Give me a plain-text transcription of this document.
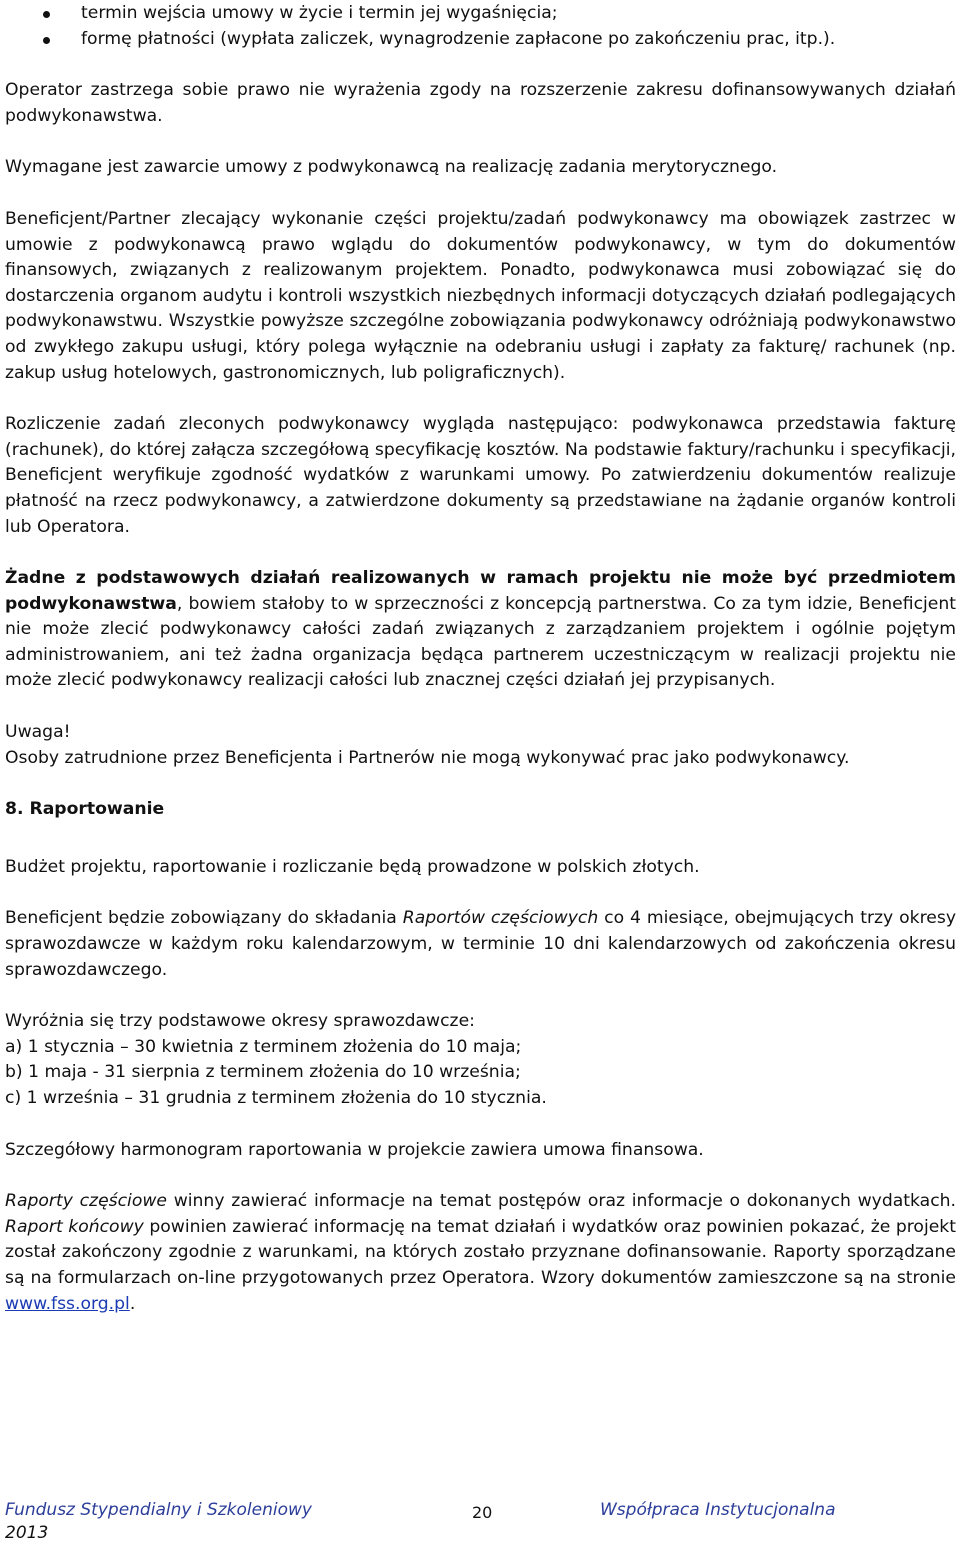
termin wejścia umowy w życie i termin jej wygaśnięcia;
formę płatności (wypłata zaliczek, wynagrodzenie zapłacone po zakończeniu prac, itp.).

Operator zastrzega sobie prawo nie wyrażenia zgody na rozszerzenie zakresu dofinansowywanych działań podwykonawstwa.

Wymagane jest zawarcie umowy z podwykonawcą na realizację zadania merytorycznego.

Beneficjent/Partner zlecający wykonanie części projektu/zadań podwykonawcy ma obowiązek zastrzec w umowie z podwykonawcą prawo wglądu do dokumentów podwykonawcy, w tym do dokumentów finansowych, związanych z realizowanym projektem. Ponadto, podwykonawca musi zobowiązać się do dostarczenia organom audytu i kontroli wszystkich niezbędnych informacji dotyczących działań podlegających podwykonawstwu. Wszystkie powyższe szczególne zobowiązania podwykonawcy odróżniają podwykonawstwo od zwykłego zakupu usługi, który polega wyłącznie na odebraniu usługi i zapłaty za fakturę/ rachunek (np. zakup usług hotelowych, gastronomicznych, lub poligraficznych).

Rozliczenie zadań zleconych podwykonawcy wygląda następująco: podwykonawca przedstawia fakturę (rachunek), do której załącza szczegółową specyfikację kosztów. Na podstawie faktury/rachunku i specyfikacji, Beneficjent weryfikuje zgodność wydatków z warunkami umowy. Po zatwierdzeniu dokumentów realizuje płatność na rzecz podwykonawcy, a zatwierdzone dokumenty są przedstawiane na żądanie organów kontroli lub Operatora.

Żadne z podstawowych działań realizowanych w ramach projektu nie może być przedmiotem podwykonawstwa, bowiem stałoby to w sprzeczności z koncepcją partnerstwa. Co za tym idzie, Beneficjent nie może zlecić podwykonawcy całości zadań związanych z zarządzaniem projektem i ogólnie pojętym administrowaniem, ani też żadna organizacja będąca partnerem uczestniczącym w realizacji projektu nie może zlecić podwykonawcy realizacji całości lub znacznej części działań jej przypisanych.

Uwaga!

Osoby zatrudnione przez Beneficjenta i Partnerów nie mogą wykonywać prac jako podwykonawcy.

8. Raportowanie

Budżet projektu, raportowanie i rozliczanie będą prowadzone w polskich złotych.

Beneficjent będzie zobowiązany do składania Raportów częściowych co 4 miesiące, obejmujących trzy okresy sprawozdawcze w każdym roku kalendarzowym, w terminie 10 dni kalendarzowych od zakończenia okresu sprawozdawczego.

Wyróżnia się trzy podstawowe okresy sprawozdawcze:

a) 1 stycznia – 30 kwietnia z terminem złożenia do 10 maja;

b) 1 maja - 31 sierpnia z terminem złożenia do 10 września;

c) 1 września – 31 grudnia z terminem złożenia do 10 stycznia.

Szczegółowy harmonogram raportowania w projekcie zawiera umowa finansowa.

Raporty częściowe winny zawierać informacje na temat postępów oraz informacje o dokonanych wydatkach. Raport końcowy powinien zawierać informację na temat działań i wydatków oraz powinien pokazać, że projekt został zakończony zgodnie z warunkami, na których zostało przyznane dofinansowanie. Raporty sporządzane są na formularzach on-line przygotowanych przez Operatora. Wzory dokumentów zamieszczone są na stronie www.fss.org.pl.

Fundusz Stypendialny i Szkoleniowy
2013
20	Współpraca Instytucjonalna
